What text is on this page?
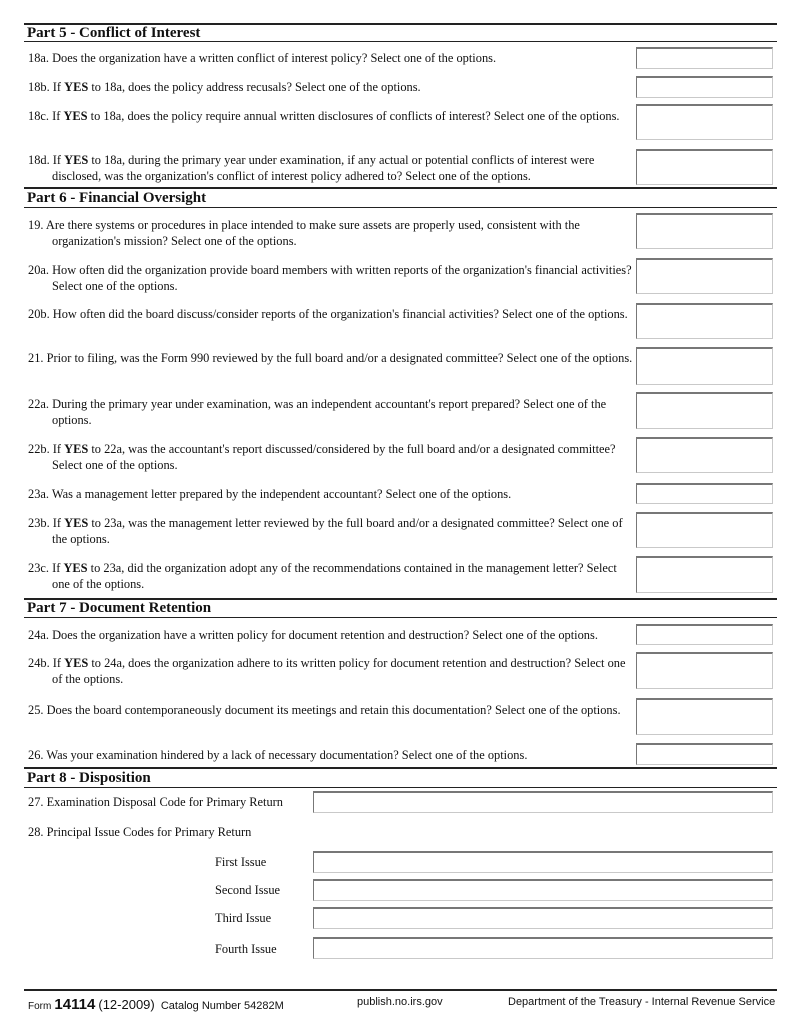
Part 5 - Conflict of Interest
Part 6 - Financial Oversight
Part 7 - Document Retention
Part 8 - Disposition
27. Examination Disposal Code for Primary Return
28. Principal Issue Codes for Primary Return
Form 14114 (12-2009) Catalog Number 54282M	publish.no.irs.gov	Department of the Treasury - Internal Revenue Service
18a. Does the organization have a written conflict of interest policy? Select one of the options.
18b. If YES to 18a, does the policy address recusals? Select one of the options.
18c. If YES to 18a, does the policy require annual written disclosures of conflicts of interest? Select one of the options.
18d. If YES to 18a, during the primary year under examination, if any actual or potential conflicts of interest were disclosed, was the organization's conflict of interest policy adhered to? Select one of the options.
19. Are there systems or procedures in place intended to make sure assets are properly used, consistent with the organization's mission? Select one of the options.
20a. How often did the organization provide board members with written reports of the organization's financial activities? Select one of the options.
20b. How often did the board discuss/consider reports of the organization's financial activities? Select one of the options.
21. Prior to filing, was the Form 990 reviewed by the full board and/or a designated committee? Select one of the options.
22a. During the primary year under examination, was an independent accountant's report prepared? Select one of the options.
22b. If YES to 22a, was the accountant's report discussed/considered by the full board and/or a designated committee? Select one of the options.
23a. Was a management letter prepared by the independent accountant? Select one of the options.
23b. If YES to 23a, was the management letter reviewed by the full board and/or a designated committee? Select one of the options.
23c. If YES to 23a, did the organization adopt any of the recommendations contained in the management letter? Select one of the options.
24a. Does the organization have a written policy for document retention and destruction? Select one of the options.
24b. If YES to 24a, does the organization adhere to its written policy for document retention and destruction? Select one of the options.
25. Does the board contemporaneously document its meetings and retain this documentation? Select one of the options.
26. Was your examination hindered by a lack of necessary documentation? Select one of the options.
First Issue
Second Issue
Third Issue
Fourth Issue
